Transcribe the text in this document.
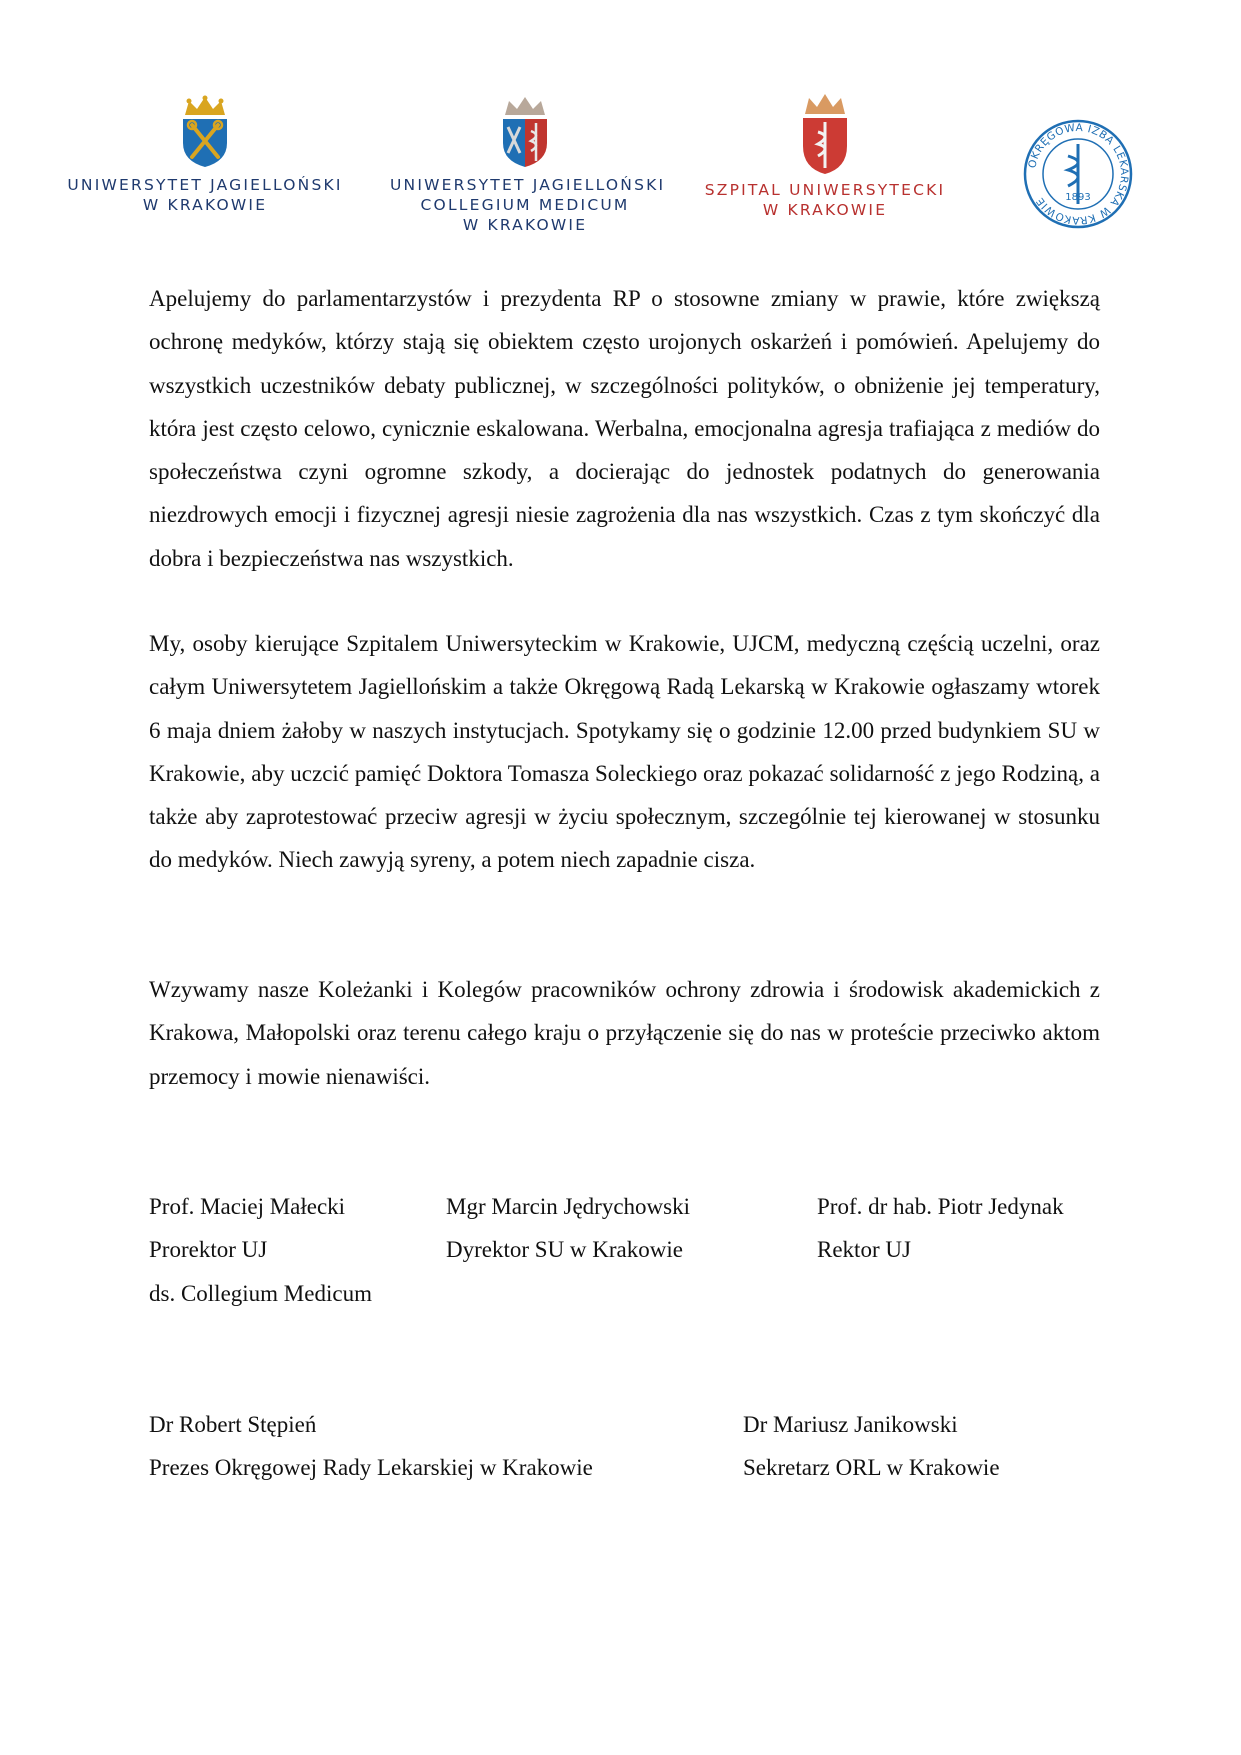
UNIWERSYTET JAGIELLOŃSKI
W KRAKOWIE
UNIWERSYTET JAGIELLOŃSKI
COLLEGIUM MEDICUM
W KRAKOWIE
SZPITAL UNIWERSYTECKI
W KRAKOWIE
OKRĘGOWA IZBA LEKARSKA W KRAKOWIE	1893

Apelujemy do parlamentarzystów i prezydenta RP o stosowne zmiany w prawie, które zwiększą ochronę medyków, którzy stają się obiektem często urojonych oskarżeń i pomówień. Apelujemy do wszystkich uczestników debaty publicznej, w szczególności polityków, o obniżenie jej temperatury, która jest często celowo, cynicznie eskalowana. Werbalna, emocjonalna agresja trafiająca z mediów do społeczeństwa czyni ogromne szkody, a docierając do jednostek podatnych do generowania niezdrowych emocji i fizycznej agresji niesie zagrożenia dla nas wszystkich. Czas z tym skończyć dla dobra i bezpieczeństwa nas wszystkich.

My, osoby kierujące Szpitalem Uniwersyteckim w Krakowie, UJCM, medyczną częścią uczelni, oraz całym Uniwersytetem Jagiellońskim a także Okręgową Radą Lekarską w Krakowie ogłaszamy wtorek 6 maja dniem żałoby w naszych instytucjach. Spotykamy się o godzinie 12.00 przed budynkiem SU w Krakowie, aby uczcić pamięć Doktora Tomasza Soleckiego oraz pokazać solidarność z jego Rodziną, a także aby zaprotestować przeciw agresji w życiu społecznym, szczególnie tej kierowanej w stosunku do medyków. Niech zawyją syreny, a potem niech zapadnie cisza.

Wzywamy nasze Koleżanki i Kolegów pracowników ochrony zdrowia i środowisk akademickich z Krakowa, Małopolski oraz terenu całego kraju o przyłączenie się do nas w proteście przeciwko aktom przemocy i mowie nienawiści.

Prof. Maciej Małecki
Prorektor UJ
ds. Collegium Medicum
Mgr Marcin Jędrychowski
Dyrektor SU w Krakowie
Prof. dr hab. Piotr Jedynak
Rektor UJ
Dr Robert Stępień
Prezes Okręgowej Rady Lekarskiej w Krakowie
Dr Mariusz Janikowski
Sekretarz ORL w Krakowie
